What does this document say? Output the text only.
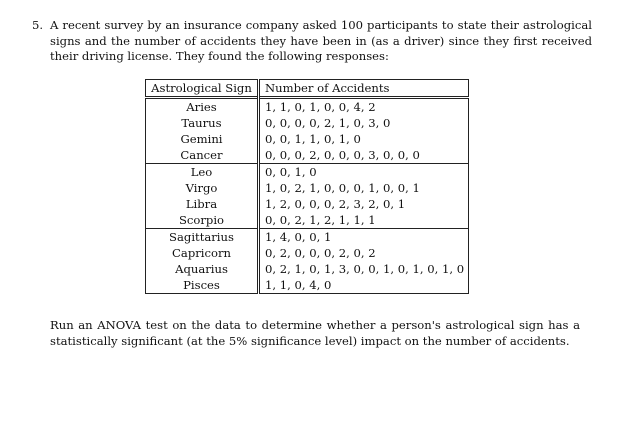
5. A recent survey by an insurance company asked 100 participants to state their astrological signs and the number of accidents they have been in (as a driver) since they first received their driving license. They found the following responses:
Astrological Sign	Number of Accidents
Aries	1, 1, 0, 1, 0, 0, 4, 2
Taurus	0, 0, 0, 0, 2, 1, 0, 3, 0
Gemini	0, 0, 1, 1, 0, 1, 0
Cancer	0, 0, 0, 2, 0, 0, 0, 3, 0, 0, 0
Leo	0, 0, 1, 0
Virgo	1, 0, 2, 1, 0, 0, 0, 1, 0, 0, 1
Libra	1, 2, 0, 0, 0, 2, 3, 2, 0, 1
Scorpio	0, 0, 2, 1, 2, 1, 1, 1
Sagittarius	1, 4, 0, 0, 1
Capricorn	0, 2, 0, 0, 0, 2, 0, 2
Aquarius	0, 2, 1, 0, 1, 3, 0, 0, 1, 0, 1, 0, 1, 0
Pisces	1, 1, 0, 4, 0
Run an ANOVA test on the data to determine whether a person's astrological sign has a statistically significant (at the 5% significance level) impact on the number of accidents.
